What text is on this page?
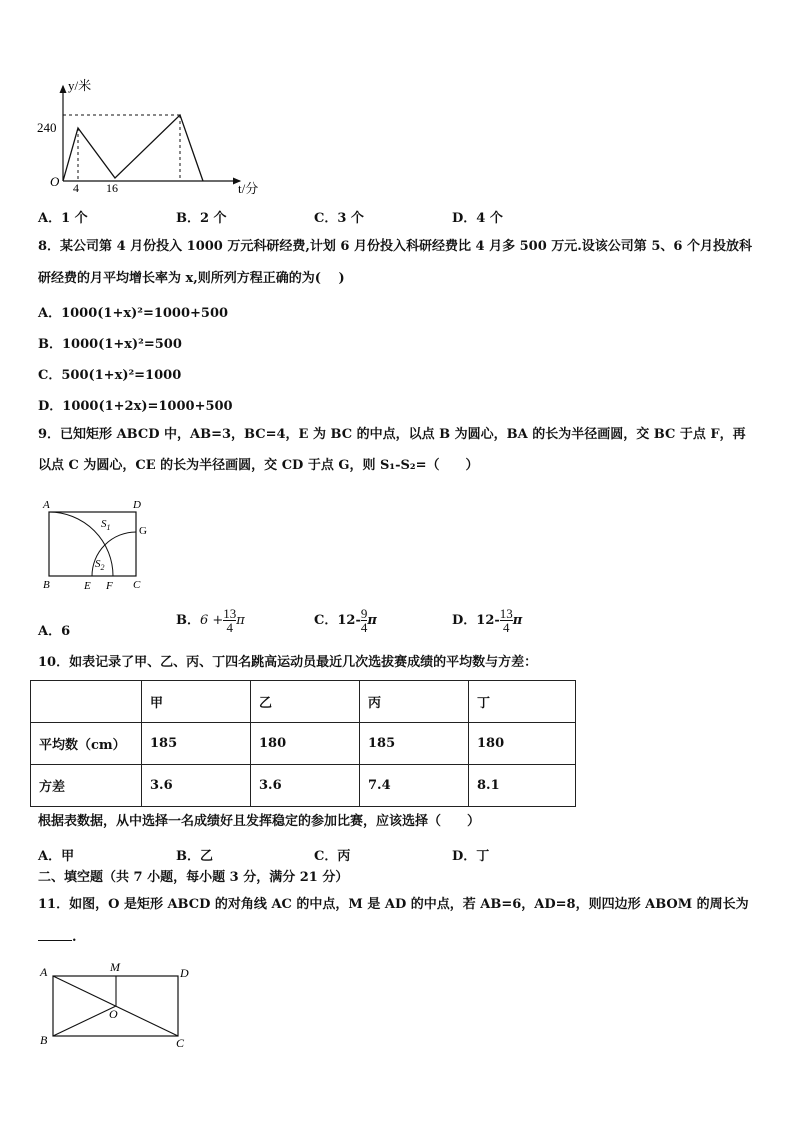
y/米
240
O 4 16	t/分
A．1 个	B．2 个	C．3 个	D．4 个
8．某公司第 4 月份投入 1000 万元科研经费,计划 6 月份投入科研经费比 4 月多 500 万元.设该公司第 5、6 个月投放科
研经费的月平均增长率为 x,则所列方程正确的为(　 )
A．1000(1+x)²=1000+500
B．1000(1+x)²=500
C．500(1+x)²=1000
D．1000(1+2x)=1000+500
9．已知矩形 ABCD 中，AB=3，BC=4，E 为 BC 的中点，以点 B 为圆心，BA 的长为半径画圆，交 BC 于点 F，再
以点 C 为圆心，CE 的长为半径画圆，交 CD 于点 G，则 S₁-S₂=（　　）
A	D
G
B	E F C
$S_1$
$S_2$
A．6
B．$6 + \frac{13}{4}$ π	C．$12- \frac{9}{4}$ π	D．$12- \frac{13}{4}$ π
10．如表记录了甲、乙、丙、丁四名跳高运动员最近几次选拔赛成绩的平均数与方差：
	甲	乙	丙	丁
平均数（cm）	185	180	185	180
方差	3.6	3.6	7.4	8.1
根据表数据，从中选择一名成绩好且发挥稳定的参加比赛，应该选择（　　）
A．甲	B．乙	C．丙	D．丁
二、填空题（共 7 小题，每小题 3 分，满分 21 分）
11．如图，O 是矩形 ABCD 的对角线 AC 的中点，M 是 AD 的中点，若 AB=6，AD=8，则四边形 ABOM 的周长为
.
A	M	D
O
B	C
